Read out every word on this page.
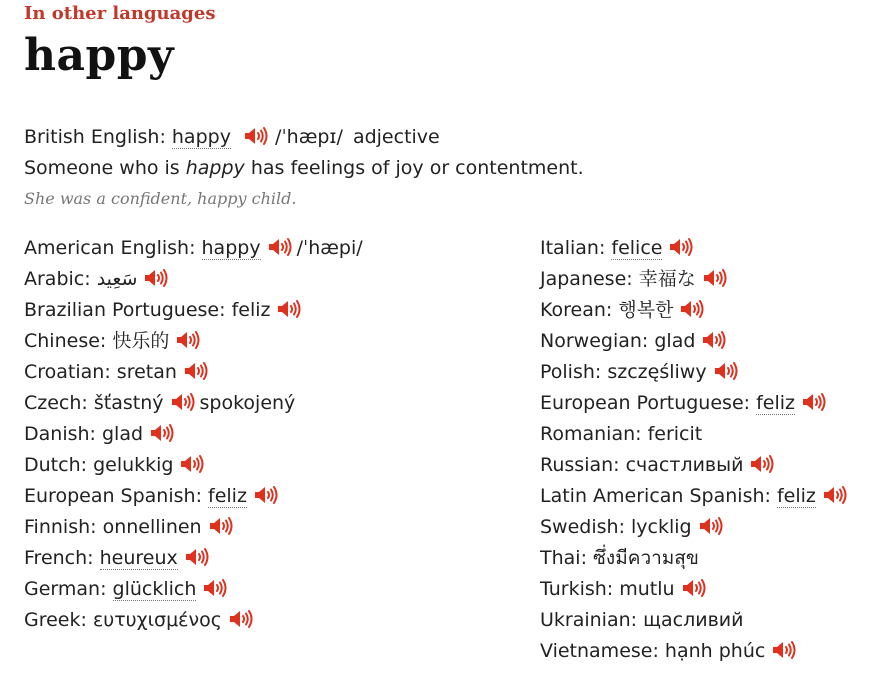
In other languages
happy
British English: happy /ˈhæpɪ/ adjective
Someone who is happy has feelings of joy or contentment.
She was a confident, happy child.
American English: happy /ˈhæpi/
Arabic: سَعِيد
Brazilian Portuguese: feliz
Chinese: 快乐的
Croatian: sretan
Czech: šťastný spokojený
Danish: glad
Dutch: gelukkig
European Spanish: feliz
Finnish: onnellinen
French: heureux
German: glücklich
Greek: ευτυχισμένος
Italian: felice
Japanese: 幸福な
Korean: 행복한
Norwegian: glad
Polish: szczęśliwy
European Portuguese: feliz
Romanian: fericit
Russian: счастливый
Latin American Spanish: feliz
Swedish: lycklig
Thai: ซึ่งมีความสุข
Turkish: mutlu
Ukrainian: щасливий
Vietnamese: hạnh phúc
